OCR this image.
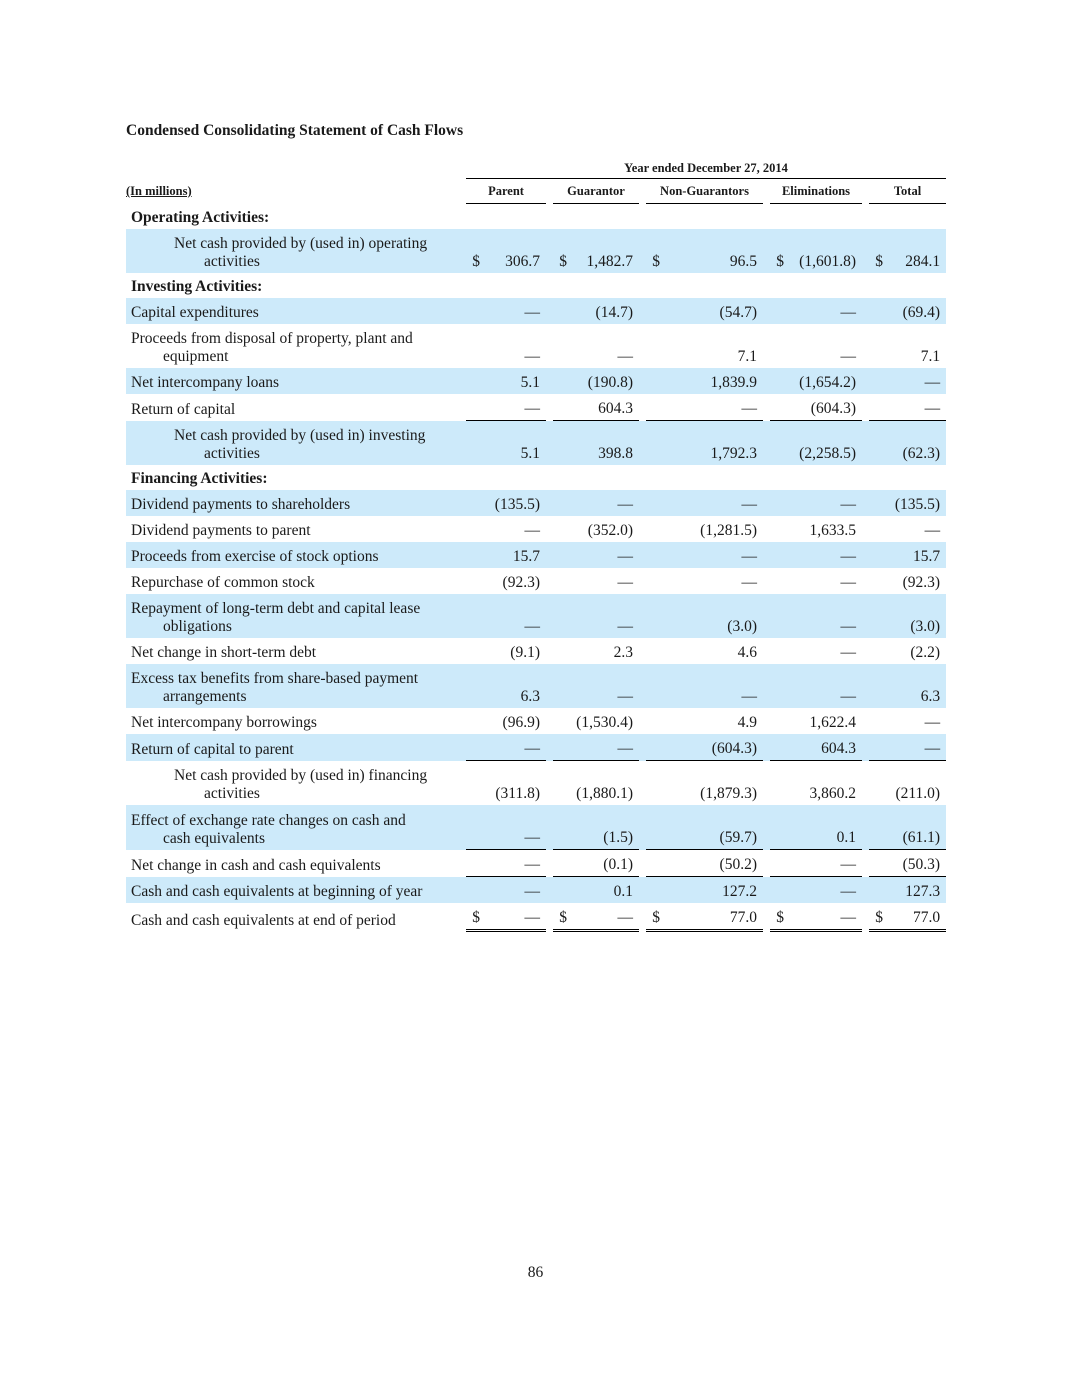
Condensed Consolidating Statement of Cash Flows
	Year ended December 27, 2014								
(In millions)	Parent		Guarantor		Non-Guarantors		Eliminations		Total
Operating Activities:									

Net cash provided by (used in) operating
activities	$ 306.7		$ 1,482.7		$ 96.5		$ (1,601.8)		$ 284.1

Investing Activities:									

Capital expenditures	—		(14.7)		(54.7)		—		(69.4)

Proceeds from disposal of property, plant and
equipment	—		—		7.1		—		7.1

Net intercompany loans	5.1		(190.8)		1,839.9		(1,654.2)		—

Return of capital	—		604.3		—		(604.3)		—

Net cash provided by (used in) investing
activities	5.1		398.8		1,792.3		(2,258.5)		(62.3)

Financing Activities:									

Dividend payments to shareholders	(135.5)		—		—		—		(135.5)

Dividend payments to parent	—		(352.0)		(1,281.5)		1,633.5		—

Proceeds from exercise of stock options	15.7		—		—		—		15.7

Repurchase of common stock	(92.3)		—		—		—		(92.3)

Repayment of long-term debt and capital lease
obligations	—		—		(3.0)		—		(3.0)

Net change in short-term debt	(9.1)		2.3		4.6		—		(2.2)

Excess tax benefits from share-based payment
arrangements	6.3		—		—		—		6.3

Net intercompany borrowings	(96.9)		(1,530.4)		4.9		1,622.4		—

Return of capital to parent	—		—		(604.3)		604.3		—

Net cash provided by (used in) financing
activities	(311.8)		(1,880.1)		(1,879.3)		3,860.2		(211.0)

Effect of exchange rate changes on cash and
cash equivalents	—		(1.5)		(59.7)		0.1		(61.1)

Net change in cash and cash equivalents	—		(0.1)		(50.2)		—		(50.3)

Cash and cash equivalents at beginning of year	—		0.1		127.2		—		127.3

Cash and cash equivalents at end of period	$ —		$ —		$ 77.0		$ —		$ 77.0
86
